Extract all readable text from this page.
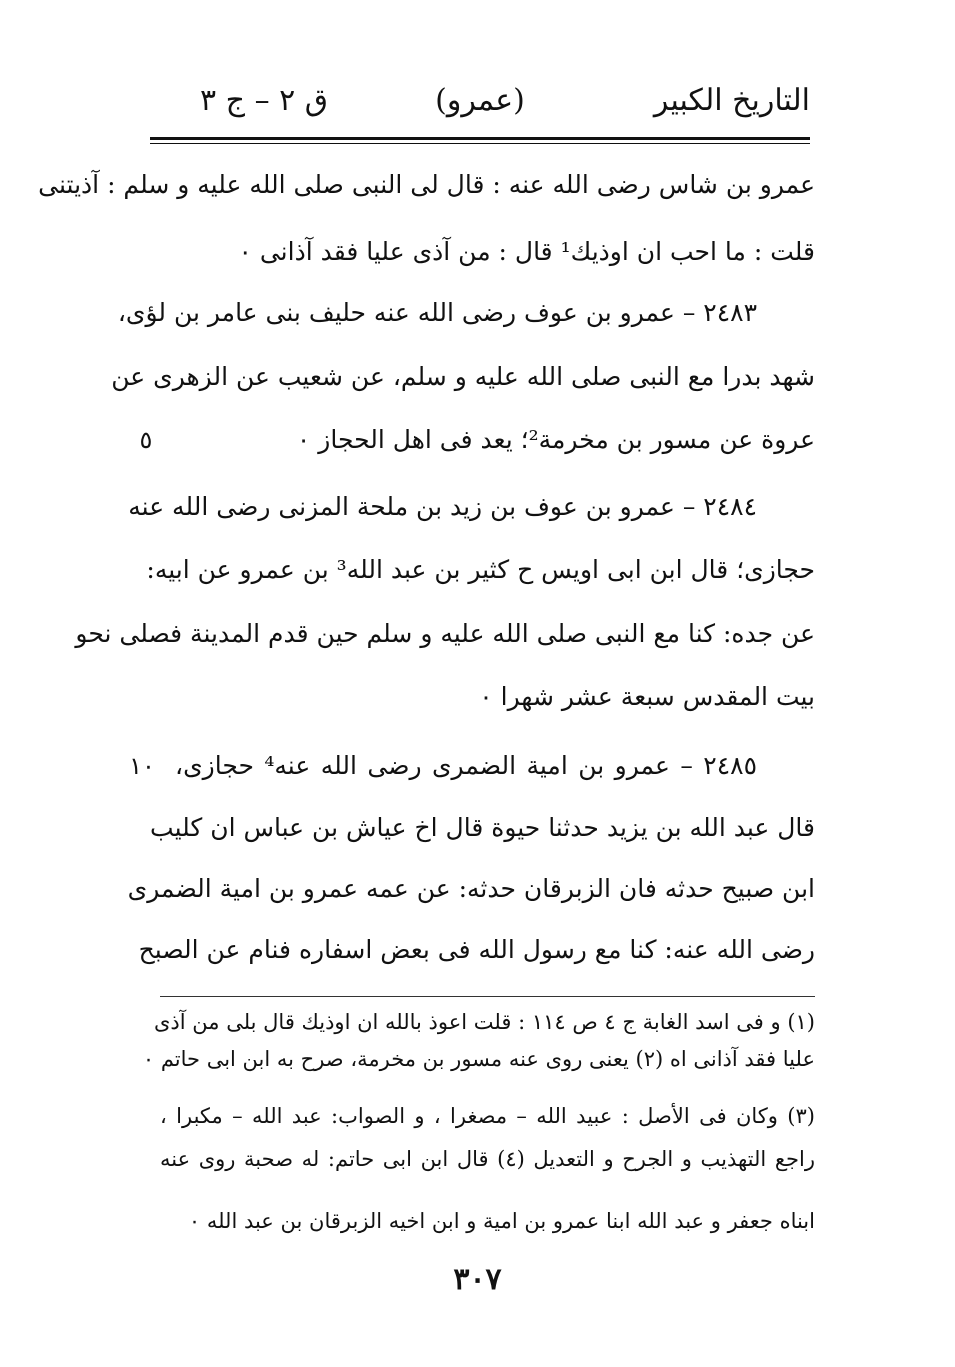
التاريخ الكبير
(عمرو)
ق ٢ – ج ٣
عمرو بن شاس رضى الله عنه : قال لى النبى صلى الله عليه و سلم : آذيتنى
قلت : ما احب ان اوذيك¹ قال : من آذى عليا فقد آذانى ٠
٢٤٨٣ – عمرو بن عوف رضى الله عنه حليف بنى عامر بن لؤى،
شهد بدرا مع النبى صلى الله عليه و سلم، عن شعيب عن الزهرى عن
عروة عن مسور بن مخرمة²؛ يعد فى اهل الحجاز ٠
٢٤٨٤ – عمرو بن عوف بن زيد بن ملحة المزنى رضى الله عنه
حجازى؛ قال ابن ابى اويس ح كثير بن عبد الله³ بن عمرو عن ابيه:
عن جده: كنا مع النبى صلى الله عليه و سلم حين قدم المدينة فصلى نحو
بيت المقدس سبعة عشر شهرا ٠
٢٤٨٥ – عمرو بن امية الضمرى رضى الله عنه⁴ حجازى،
قال عبد الله بن يزيد حدثنا حيوة قال اخ عياش بن عباس ان كليب
ابن صبيح حدثه فان الزبرقان حدثه: عن عمه عمرو بن امية الضمرى
رضى الله عنه: كنا مع رسول الله فى بعض اسفاره فنام عن الصبح
٥
١٠
(١) و فى اسد الغابة ج ٤ ص ١١٤ : قلت اعوذ بالله ان اوذيك قال بلى من آذى
عليا فقد آذانى اه (٢) يعنى روى عنه مسور بن مخرمة، صرح به ابن ابى حاتم ٠
(٣) وكان فى الأصل : عبيد الله – مصغرا ، و الصواب: عبد الله – مكبرا ،
راجع التهذيب و الجرح و التعديل (٤) قال ابن ابى حاتم: له صحبة روى عنه
ابناه جعفر و عبد الله ابنا عمرو بن امية و ابن اخيه الزبرقان بن عبد الله ٠
٣٠٧
